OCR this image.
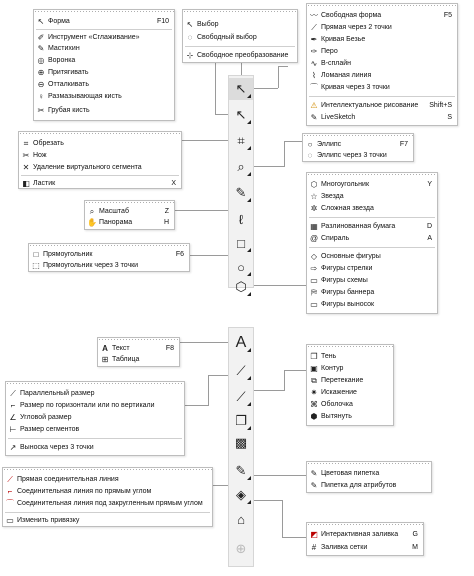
↖
↖
⌗
⌕
✎
ℓ
□
○
⬡
A
⟋
⟋
❐
▩
✎
◈
⌂
⊕
↖ Форма	F10
✐ Инструмент «Сглаживание»
✎ Мастихин
◎ Воронка
⊕ Притягивать
⊖ Отталкивать
♀ Размазывающая кисть
✂ Грубая кисть
↖ Выбор
◌ Свободный выбор
⊹ Свободное преобразование
〰 Свободная форма	F5
⟋ Прямая через 2 точки
✒ Кривая Безье
✑ Перо
∿ В-сплайн
⌇ Ломаная линия
⌒ Кривая через 3 точки
⚠ Интеллектуальное рисование	Shift+S
✎ LiveSketch	S
⌗ Обрезать
✂ Нож
✕ Удаление виртуального сегмента
◧ Ластик	X
○ Эллипс	F7
◌ Эллипс через 3 точки
⌕ Масштаб	Z
✋ Панорама	H
⬡ Многоугольник	Y
☆ Звезда
✲ Сложная звезда
▦ Разлинованная бумага	D
@ Спираль	A
◇ Основные фигуры
⇨ Фигуры стрелки
▭ Фигуры схемы
⛿ Фигуры баннера
▭ Фигуры выносок
□ Прямоугольник	F6
⬚ Прямоугольник через 3 точки
A Текст	F8
⊞ Таблица	❐ Тень
▣ Контур
⧉ Перетекание
✷ Искажение
⌘ Оболочка
⬢ Вытянуть
⟋ Параллельный размер
⌐ Размер по горизонтали или по вертикали
∠ Угловой размер
⊢ Размер сегментов
↗ Выноска через 3 точки
⟋ Прямая соединительная линия
⌐ Соединительная линия по прямым углом
⌒ Соединительная линия под закругленным прямым углом
▭ Изменить привязку
✎ Цветовая пипетка
✎ Пипетка для атрибутов
◩ Интерактивная заливка	G
# Заливка сетки	M
